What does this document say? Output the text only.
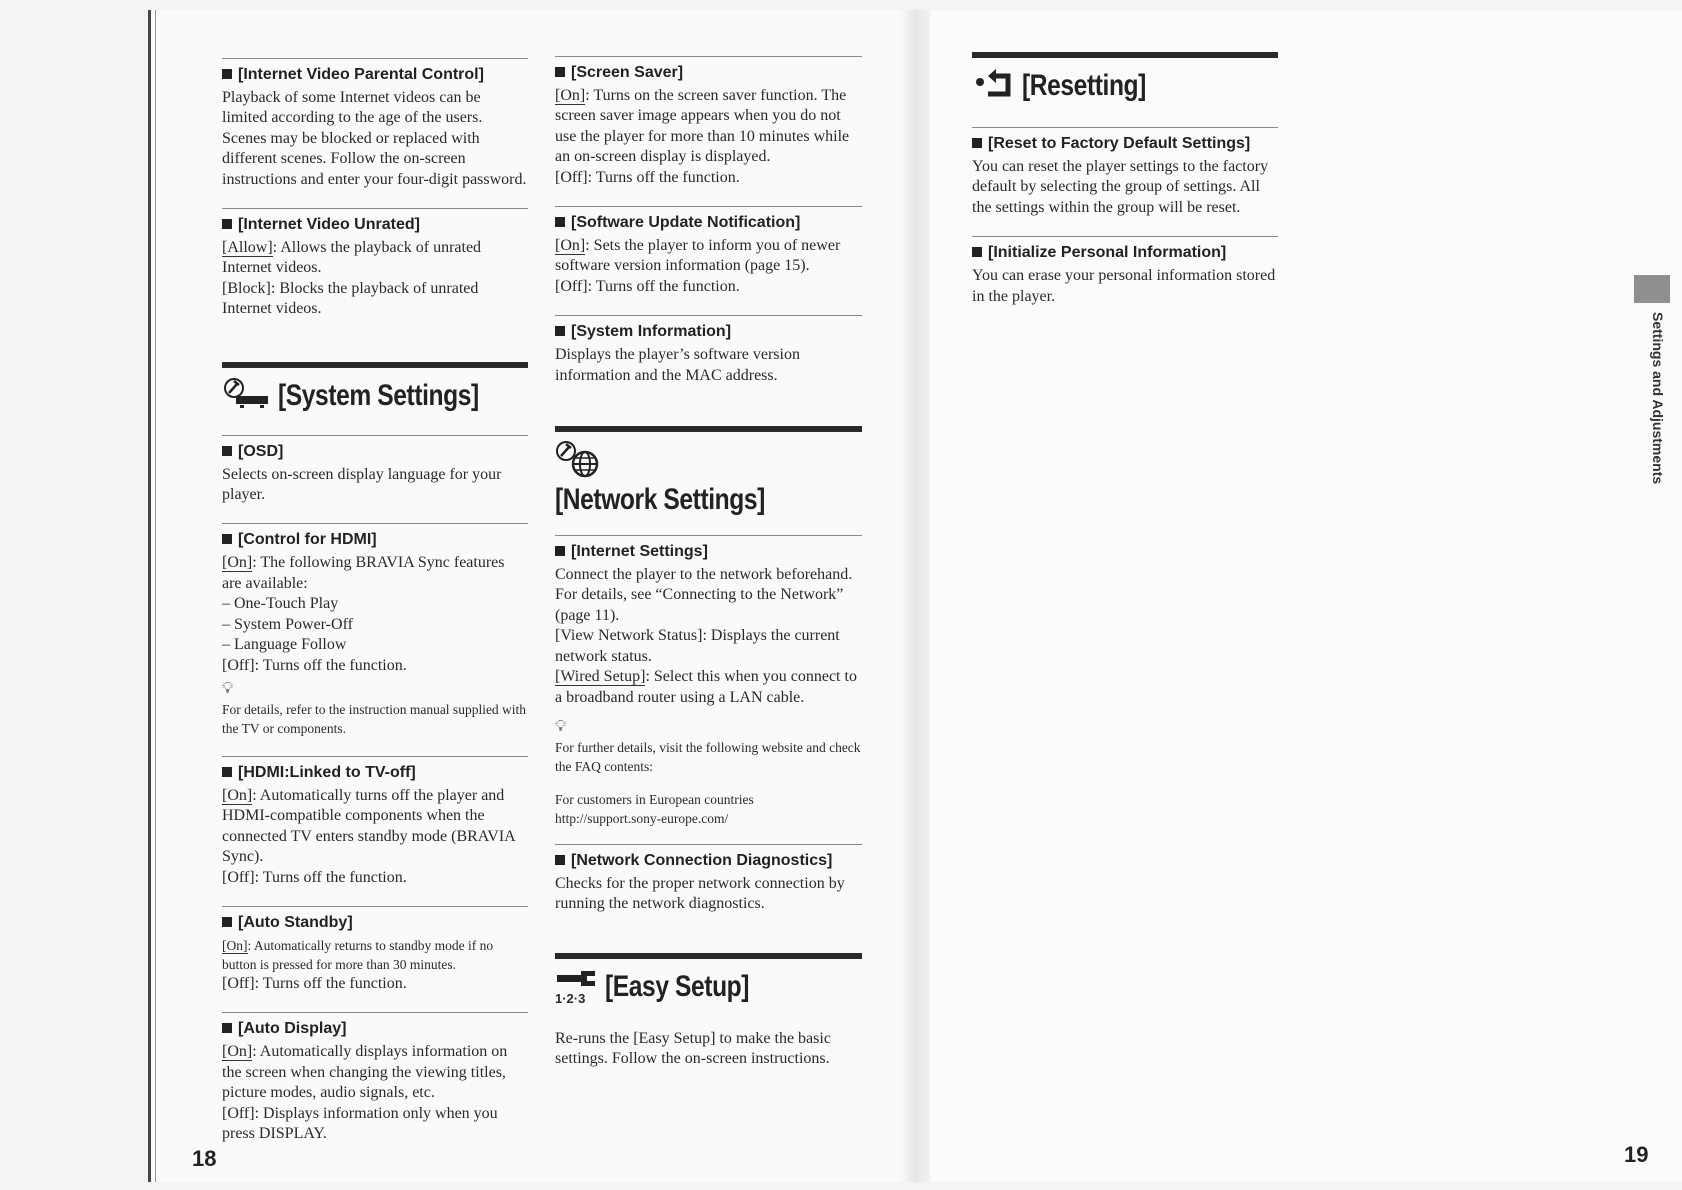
[Internet Video Parental Control]

Playback of some Internet videos can be limited according to the age of the users. Scenes may be blocked or replaced with different scenes. Follow the on-screen instructions and enter your four-digit password.

[Internet Video Unrated]

[Allow]: Allows the playback of unrated Internet videos.

[Block]: Blocks the playback of unrated Internet videos.

[System Settings]
[OSD]

Selects on-screen display language for your player.

[Control for HDMI]

[On]: The following BRAVIA Sync features are available:

– One-Touch Play

– System Power-Off

– Language Follow

[Off]: Turns off the function.

💡︎

For details, refer to the instruction manual supplied with the TV or components.

[HDMI:Linked to TV-off]

[On]: Automatically turns off the player and HDMI-compatible components when the connected TV enters standby mode (BRAVIA Sync).

[Off]: Turns off the function.

[Auto Standby]

[On]: Automatically returns to standby mode if no button is pressed for more than 30 minutes.

[Off]: Turns off the function.

[Auto Display]

[On]: Automatically displays information on the screen when changing the viewing titles, picture modes, audio signals, etc.

[Off]: Displays information only when you press DISPLAY.

18
[Screen Saver]

[On]: Turns on the screen saver function. The screen saver image appears when you do not use the player for more than 10 minutes while an on-screen display is displayed.

[Off]: Turns off the function.

[Software Update Notification]

[On]: Sets the player to inform you of newer software version information (page 15).

[Off]: Turns off the function.

[System Information]

Displays the player’s software version information and the MAC address.

[Network Settings]
[Internet Settings]

Connect the player to the network beforehand. For details, see “Connecting to the Network” (page 11).

[View Network Status]: Displays the current network status.

[Wired Setup]: Select this when you connect to a broadband router using a LAN cable.

💡︎

For further details, visit the following website and check the FAQ contents:

For customers in European countries

http://support.sony-europe.com/

[Network Connection Diagnostics]

Checks for the proper network connection by running the network diagnostics.

1·2·3 [Easy Setup]

Re-runs the [Easy Setup] to make the basic settings. Follow the on-screen instructions.

[Resetting]
[Reset to Factory Default Settings]

You can reset the player settings to the factory default by selecting the group of settings. All the settings within the group will be reset.

[Initialize Personal Information]

You can erase your personal information stored in the player.

Settings and Adjustments
19
